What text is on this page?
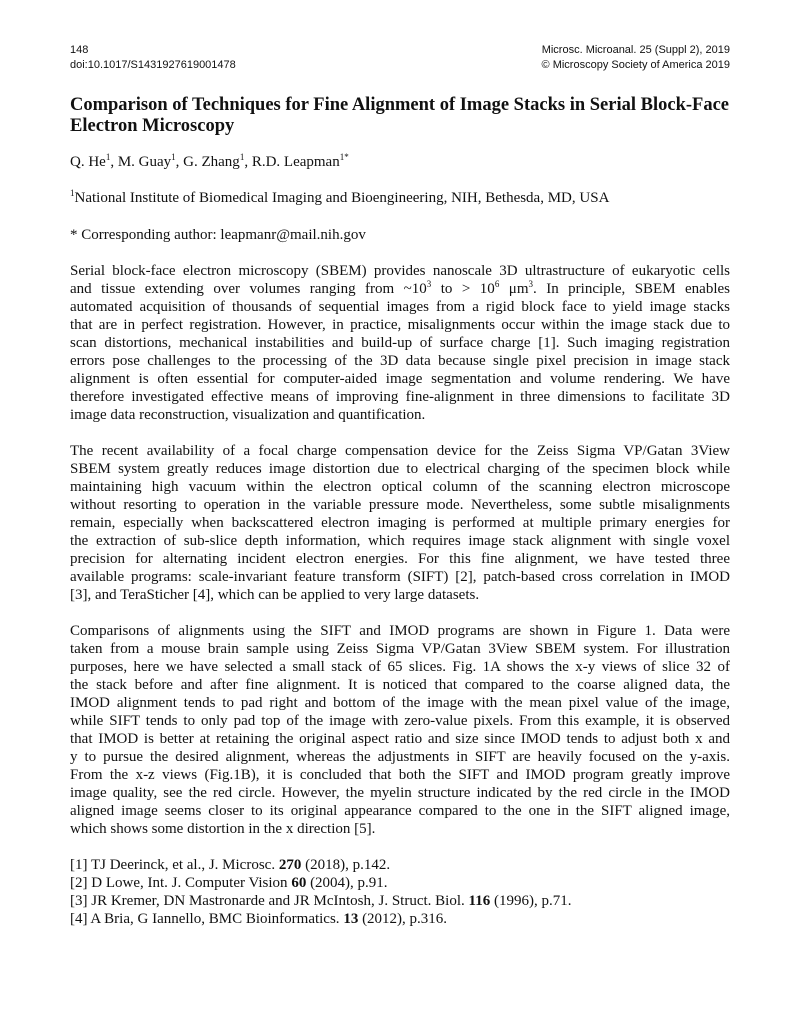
148
doi:10.1017/S1431927619001478
Microsc. Microanal. 25 (Suppl 2), 2019
© Microscopy Society of America 2019
Comparison of Techniques for Fine Alignment of Image Stacks in Serial Block-Face
Electron Microscopy
Q. He$^1$, M. Guay$^1$, G. Zhang$^1$, R.D. Leapman$^{1*}$
$^1$National Institute of Biomedical Imaging and Bioengineering, NIH, Bethesda, MD, USA
* Corresponding author: leapmanr@mail.nih.gov
Serial block-face electron microscopy (SBEM) provides nanoscale 3D ultrastructure of eukaryotic cells
and tissue extending over volumes ranging from $\sim 10^3$ to > $10^6$ $\mu m^3$. In principle, SBEM enables
automated acquisition of thousands of sequential images from a rigid block face to yield image stacks
that are in perfect registration. However, in practice, misalignments occur within the image stack due to
scan distortions, mechanical instabilities and build-up of surface charge [1]. Such imaging registration
errors pose challenges to the processing of the 3D data because single pixel precision in image stack
alignment is often essential for computer-aided image segmentation and volume rendering. We have
therefore investigated effective means of improving fine-alignment in three dimensions to facilitate 3D
image data reconstruction, visualization and quantification.
The recent availability of a focal charge compensation device for the Zeiss Sigma VP/Gatan 3View
SBEM system greatly reduces image distortion due to electrical charging of the specimen block while
maintaining high vacuum within the electron optical column of the scanning electron microscope
without resorting to operation in the variable pressure mode. Nevertheless, some subtle misalignments
remain, especially when backscattered electron imaging is performed at multiple primary energies for
the extraction of sub-slice depth information, which requires image stack alignment with single voxel
precision for alternating incident electron energies. For this fine alignment, we have tested three
available programs: scale-invariant feature transform (SIFT) [2], patch-based cross correlation in IMOD
[3], and TeraSticher [4], which can be applied to very large datasets.
Comparisons of alignments using the SIFT and IMOD programs are shown in Figure 1. Data were
taken from a mouse brain sample using Zeiss Sigma VP/Gatan 3View SBEM system. For illustration
purposes, here we have selected a small stack of 65 slices. Fig. 1A shows the x-y views of slice 32 of
the stack before and after fine alignment. It is noticed that compared to the coarse aligned data, the
IMOD alignment tends to pad right and bottom of the image with the mean pixel value of the image,
while SIFT tends to only pad top of the image with zero-value pixels. From this example, it is observed
that IMOD is better at retaining the original aspect ratio and size since IMOD tends to adjust both x and
y to pursue the desired alignment, whereas the adjustments in SIFT are heavily focused on the y-axis.
From the x-z views (Fig.1B), it is concluded that both the SIFT and IMOD program greatly improve
image quality, see the red circle. However, the myelin structure indicated by the red circle in the IMOD
aligned image seems closer to its original appearance compared to the one in the SIFT aligned image,
which shows some distortion in the x direction [5].
[1] TJ Deerinck, et al., J. Microsc. 270 (2018), p.142.
[2] D Lowe, Int. J. Computer Vision 60 (2004), p.91.
[3] JR Kremer, DN Mastronarde and JR McIntosh, J. Struct. Biol. 116 (1996), p.71.
[4] A Bria, G Iannello, BMC Bioinformatics. 13 (2012), p.316.
